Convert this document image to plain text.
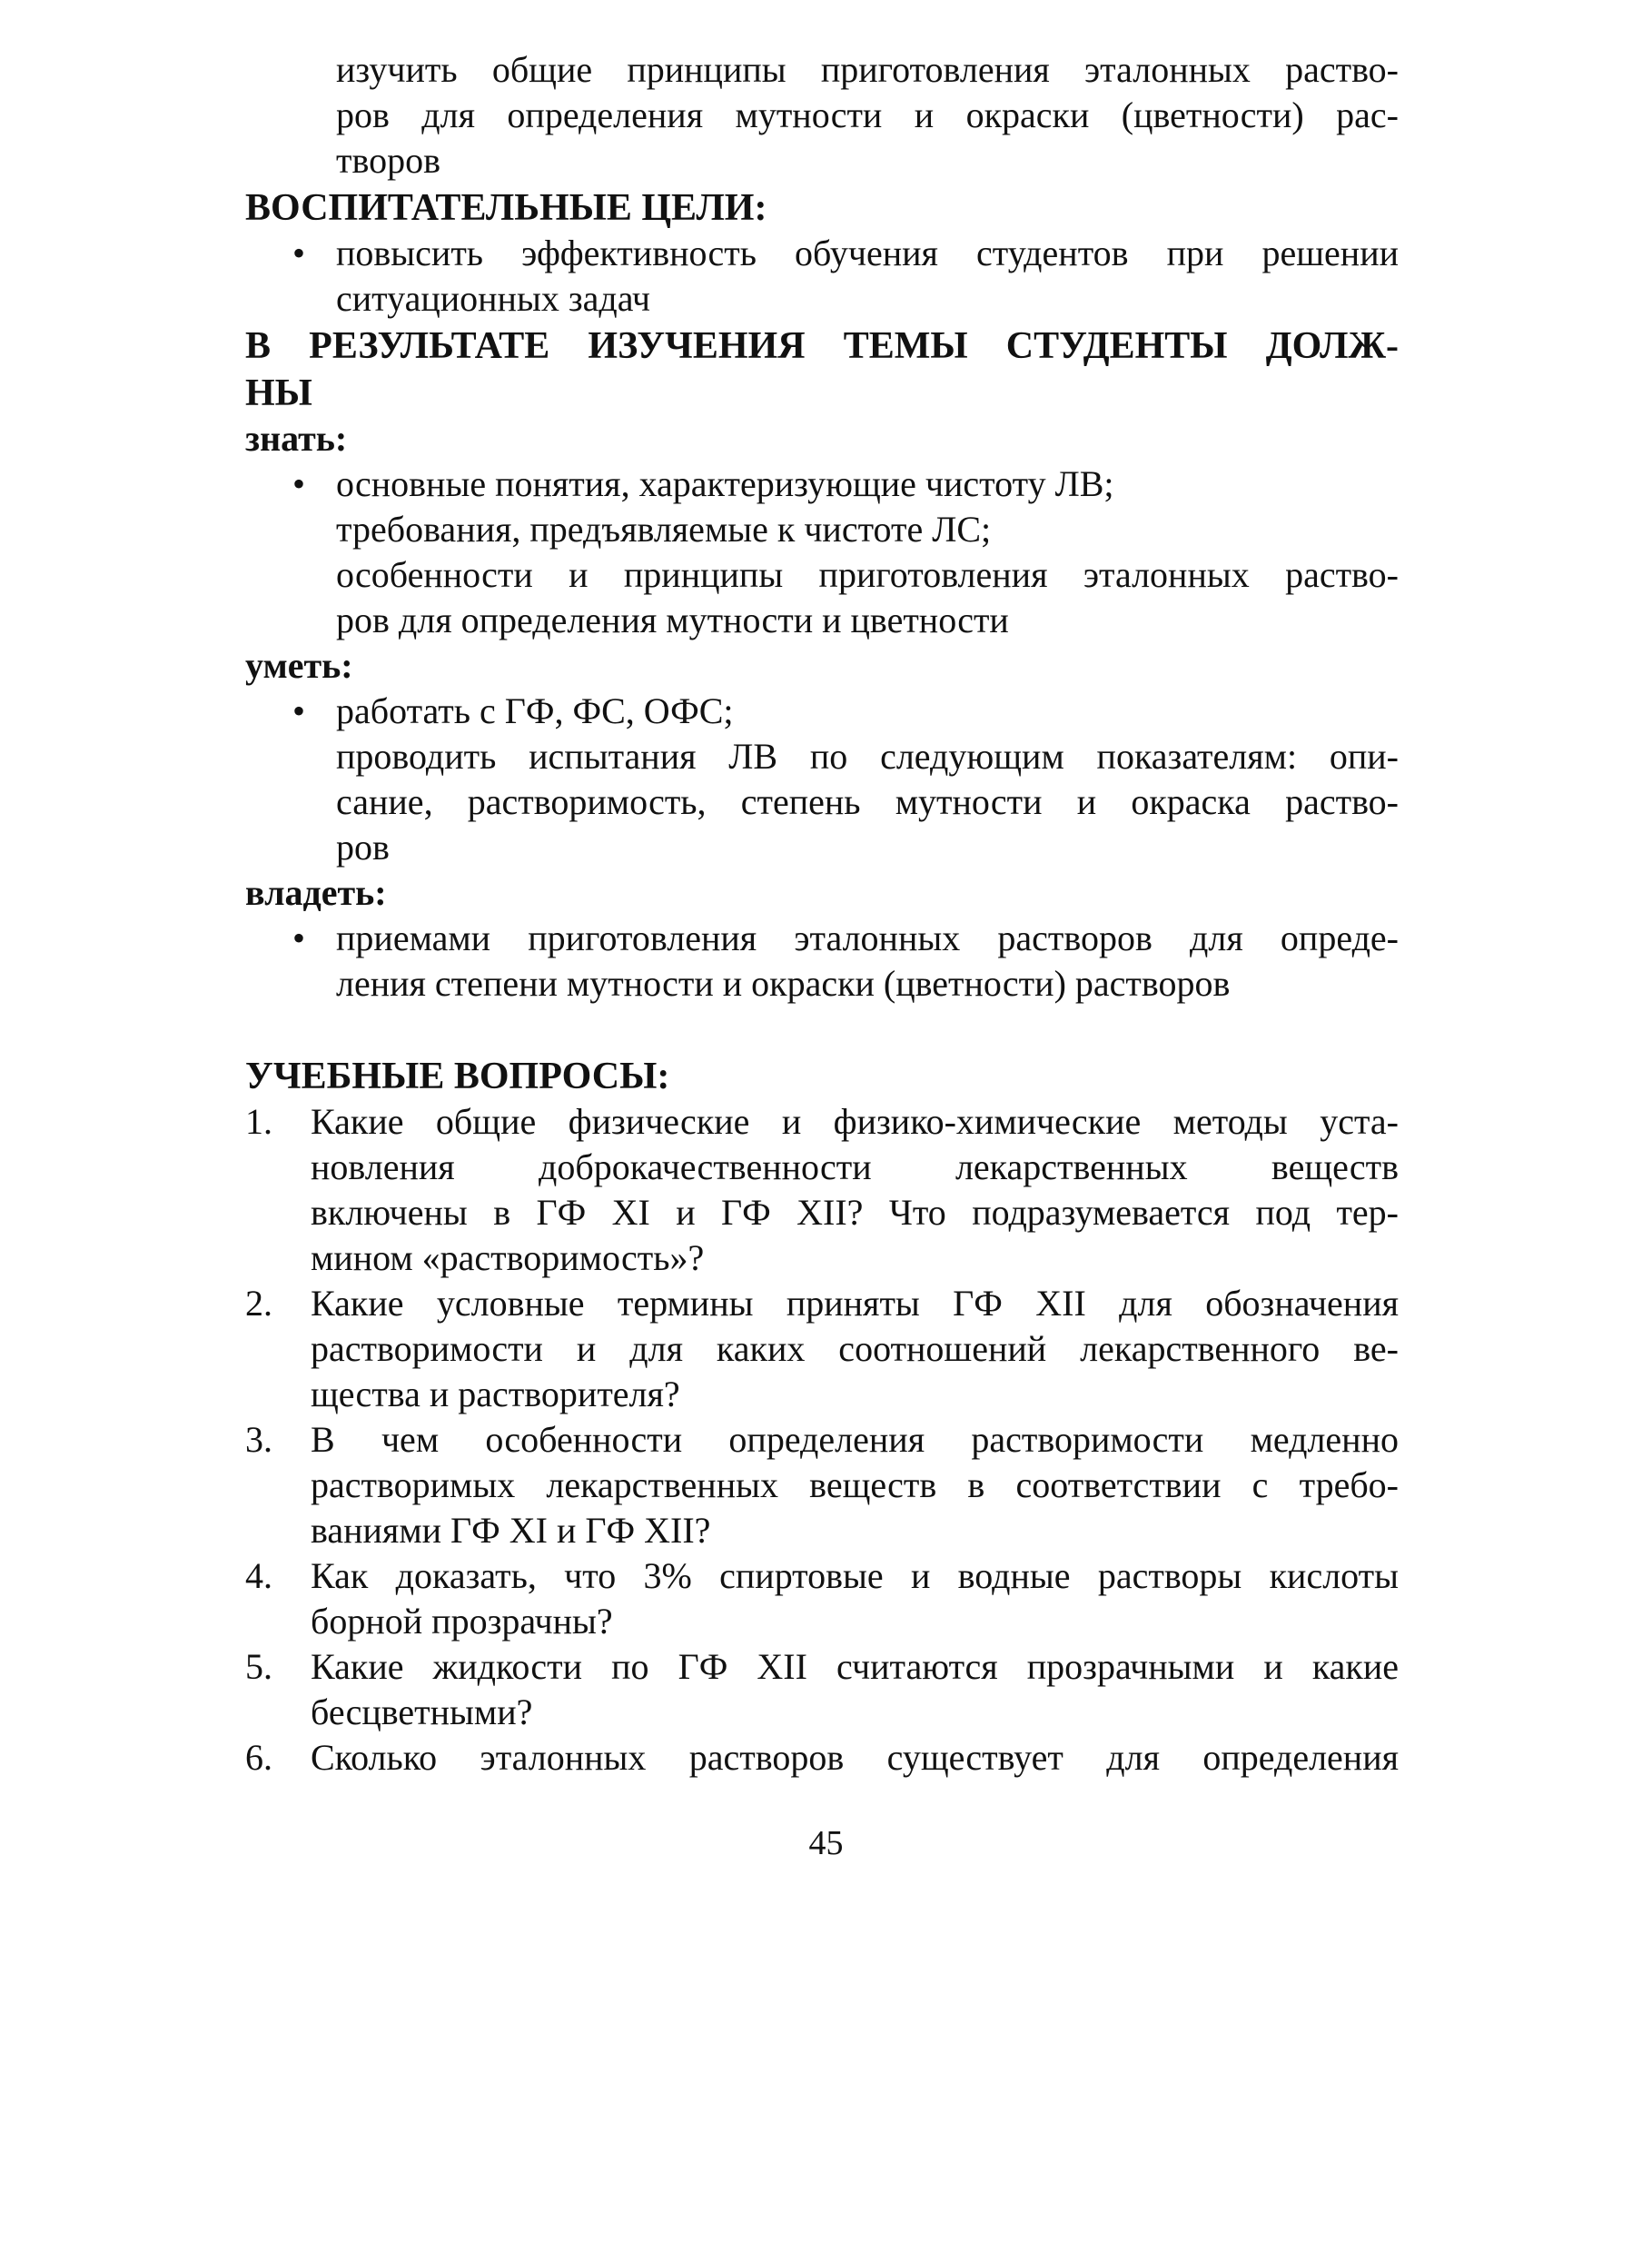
изучить общие принципы приготовления эталонных раство-
ров для определения мутности и окраски (цветности) рас-
творов
ВОСПИТАТЕЛЬНЫЕ ЦЕЛИ:
• повысить эффективность обучения студентов при решении
ситуационных задач
В РЕЗУЛЬТАТЕ ИЗУЧЕНИЯ ТЕМЫ СТУДЕНТЫ ДОЛЖ-
НЫ
знать:
• основные понятия, характеризующие чистоту ЛВ;
требования, предъявляемые к чистоте ЛС;
особенности и принципы приготовления эталонных раство-
ров для определения мутности и цветности
уметь:
• работать с ГФ, ФС, ОФС;
проводить испытания ЛВ по следующим показателям: опи-
сание, растворимость, степень мутности и окраска раство-
ров
владеть:
• приемами приготовления эталонных растворов для опреде-
ления степени мутности и окраски (цветности) растворов
УЧЕБНЫЕ ВОПРОСЫ:
1. Какие общие физические и физико-химические методы уста-
новления доброкачественности лекарственных веществ
включены в ГФ XI и ГФ XII? Что подразумевается под тер-
мином «растворимость»?
2. Какие условные термины приняты ГФ XII для обозначения
растворимости и для каких соотношений лекарственного ве-
щества и растворителя?
3. В чем особенности определения растворимости медленно
растворимых лекарственных веществ в соответствии с требо-
ваниями ГФ XI и ГФ XII?
4. Как доказать, что 3% спиртовые и водные растворы кислоты
борной прозрачны?
5. Какие жидкости по ГФ XII считаются прозрачными и какие
бесцветными?
6. Сколько эталонных растворов существует для определения
45
